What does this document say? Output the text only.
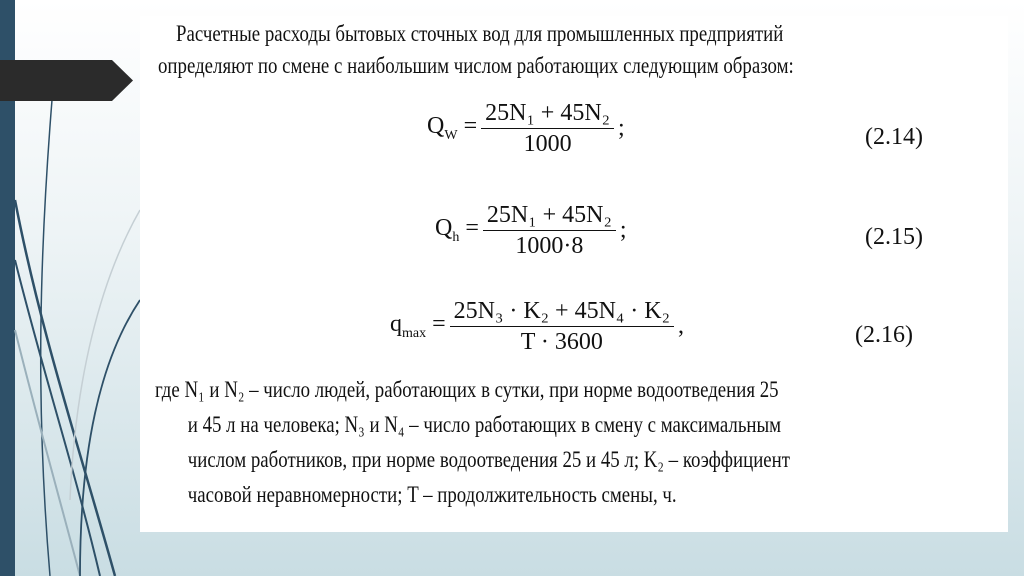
Расчетные расходы бытовых сточных вод для промышленных предприятий
определяют по смене с наибольшим числом работающих следующим образом:
$Q_W = \frac{\text{25N₁ + 45N₂}}{1000}$ ;	(2.14)
$Q_h = \frac{\text{25N₁ + 45N₂}}{1000\cdot 8}$ ;	(2.15)
$q_{max} = \frac{\text{25N₃ · K₂ + 45N₄ · K₂}}{T \cdot 3600}$ ,	(2.16)
где N₁ и N₂ – число людей, работающих в сутки, при норме водоотведения 25
и 45 л на человека; N₃ и N₄ – число работающих в смену с максимальным
числом работников, при норме водоотведения 25 и 45 л; K₂ – коэффициент
часовой неравномерности; T – продолжительность смены, ч.
